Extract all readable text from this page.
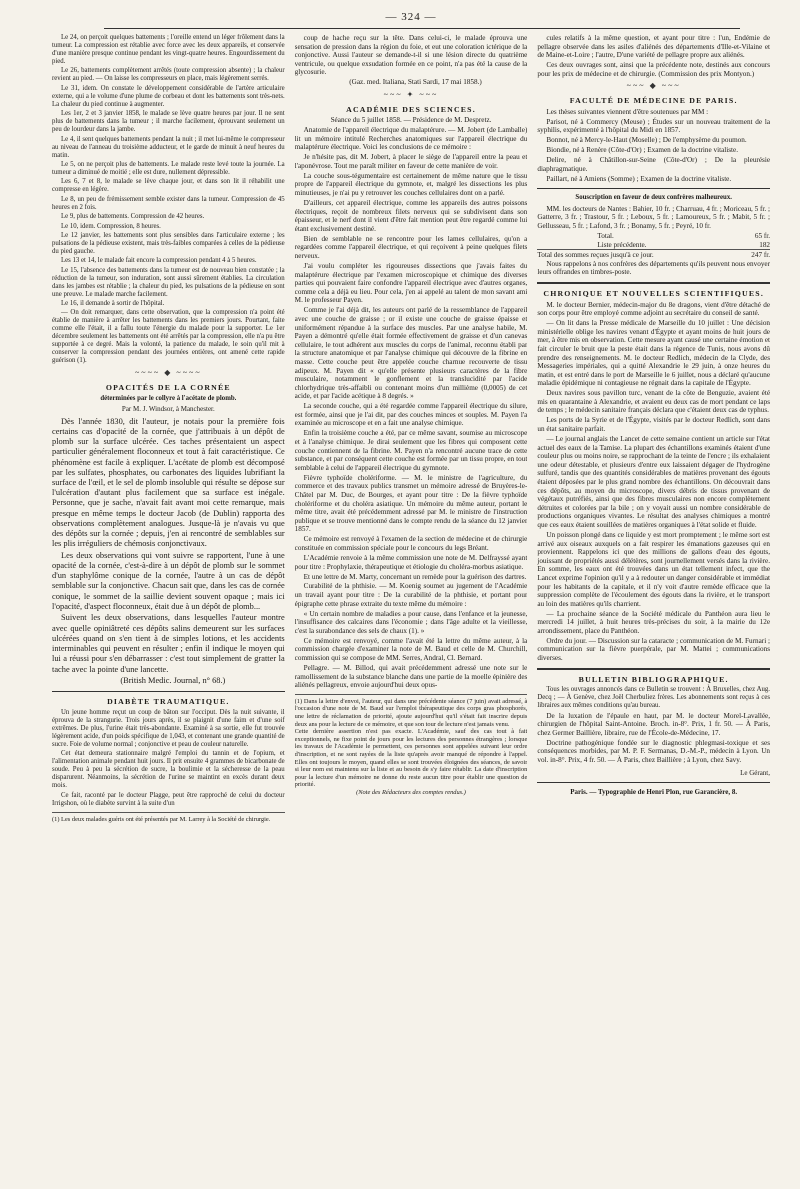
— 324 —

Le 24, on perçoit quelques battements ; l'oreille entend un léger frôlement dans la tumeur. La compression est rétablie avec force avec les deux appareils, et conservée d'une manière presque continue pendant les vingt-quatre heures. Engourdissement du pied.

Le 26, battements complètement arrêtés (toute compression absente) ; la chaleur revient au pied. — On laisse les compresseurs en place, mais légèrement serrés.

Le 31, idem. On constate le développement considérable de l'artère articulaire externe, qui a le volume d'une plume de corbeau et dont les battements sont très-nets. La chaleur du pied continue à augmenter.

Les 1er, 2 et 3 janvier 1858, le malade se lève quatre heures par jour. Il ne sent plus de battements dans la tumeur ; il marche facilement, éprouvant seulement un peu de lourdeur dans la jambe.

Le 4, il sent quelques battements pendant la nuit ; il met lui-même le compresseur au niveau de l'anneau du troisième adducteur, et le garde de minuit à neuf heures du matin.

Le 5, on ne perçoit plus de battements. Le malade reste levé toute la journée. La tumeur a diminué de moitié ; elle est dure, nullement dépressible.

Les 6, 7 et 8, le malade se lève chaque jour, et dans son lit il réhabilit une compresse en légère.

Le 8, un peu de frémissement semble exister dans la tumeur. Compression de 45 heures en 2 fois.

Le 9, plus de battements. Compression de 42 heures.

Le 10, idem. Compression, 8 heures.

Le 12 janvier, les battements sont plus sensibles dans l'articulaire externe ; les pulsations de la pédieuse existent, mais très-faibles comparées à celles de la pédieuse du pied gauche.

Les 13 et 14, le malade fait encore la compression pendant 4 à 5 heures.

Le 15, l'absence des battements dans la tumeur est de nouveau bien constatée ; la réduction de la tumeur, son induration, sont aussi sûrement établies. La circulation dans les jambes est rétablie ; la chaleur du pied, les pulsations de la pédieuse en sont une preuve. Le malade marche facilement.

Le 16, il demande à sortir de l'hôpital.

— On doit remarquer, dans cette observation, que la compression n'a point été établie de manière à arrêter les battements dans les premiers jours. Pourtant, faite comme elle l'était, il a fallu toute l'énergie du malade pour la supporter. Le 1er décembre seulement les battements ont été arrêtés par la compression, elle n'a pu être supportée à ce degré. Mais la volonté, la patience du malade, le soin qu'il mit à conserver la compression pendant des journées entières, ont amené cette rapide guérison (1).

~~~~ ◆ ~~~~
OPACITÉS DE LA CORNÉE
déterminées par le collyre à l'acétate de plomb.
Par M. J. Windsor, à Manchester.

Dès l'année 1830, dit l'auteur, je notais pour la première fois certains cas d'opacité de la cornée, que j'attribuais à un dépôt de plomb sur la surface ulcérée. Ces taches présentaient un aspect particulier généralement floconneux et tout à fait caractéristique. Ce phénomène est facile à expliquer. L'acétate de plomb est décomposé par les sulfates, phosphates, ou carbonates des liquides lubrifiant la surface de l'œil, et le sel de plomb insoluble qui résulte se dépose sur l'ulcération d'autant plus facilement que sa surface est inégale. Personne, que je sache, n'avait fait avant moi cette remarque, mais presque en même temps le docteur Jacob (de Dublin) rapporta des observations complètement analogues. Jusque-là je n'avais vu que des dépôts sur la cornée ; depuis, j'en ai rencontré de semblables sur les plis irréguliers de chémosis conjonctivaux.

Les deux observations qui vont suivre se rapportent, l'une à une opacité de la cornée, c'est-à-dire à un dépôt de plomb sur le sommet d'un staphylôme conique de la cornée, l'autre à un cas de dépôt semblable sur la conjonctive. Chacun sait que, dans les cas de cornée conique, le sommet de la saillie devient souvent opaque ; mais ici l'opacité, d'aspect floconneux, était due à un dépôt de plomb...

Suivent les deux observations, dans lesquelles l'auteur montre avec quelle opiniâtreté ces dépôts salins demeurent sur les surfaces ulcérées quand on s'en tient à de simples lotions, et les accidents interminables qui peuvent en résulter ; enfin il indique le moyen qui lui a réussi pour s'en débarrasser : c'est tout simplement de gratter la tache avec la pointe d'une lancette.

(British Medic. Journal, n° 68.)

DIABÈTE TRAUMATIQUE.

Un jeune homme reçut un coup de bâton sur l'occiput. Dès la nuit suivante, il éprouva de la strangurie. Trois jours après, il se plaignit d'une faim et d'une soif extrêmes. De plus, l'urine était très-abondante. Examiné à sa sortie, elle fut trouvée légèrement acide, d'un poids spécifique de 1,043, et contenant une grande quantité de sucre. Foie de volume normal ; conjonctive et peau de couleur naturelle.

Cet état demeura stationnaire malgré l'emploi du tannin et de l'opium, et l'alimentation animale pendant huit jours. Il prit ensuite 4 grammes de bicarbonate de soude. Peu à peu la sécrétion de sucre, la boulimie et la sécheresse de la peau disparurent. Néanmoins, la sécrétion de l'urine se maintint en excès durant deux mois.

Ce fait, raconté par le docteur Plagge, peut être rapproché de celui du docteur Irrigshon, où le diabète survint à la suite d'un

(1) Les deux malades guéris ont été présentés par M. Larrey à la Société de chirurgie.

coup de hache reçu sur la tête. Dans celui-ci, le malade éprouva une sensation de pression dans la région du foie, et eut une coloration ictérique de la conjonctive. Aussi l'auteur se demande-t-il si une lésion directe du quatrième ventricule, ou quelque exsudation formée en ce point, n'a pas été la cause de la glycosurie.

(Gaz. med. Italiana, Stati Sardi, 17 mai 1858.)

~~~ ✦ ~~~
ACADÉMIE DES SCIENCES.

Séance du 5 juillet 1858. — Présidence de M. Despretz.

Anatomie de l'appareil électrique du malaptérure. — M. Jobert (de Lamballe) lit un mémoire intitulé Recherches anatomiques sur l'appareil électrique du malaptérure électrique. Voici les conclusions de ce mémoire :

Je n'hésite pas, dit M. Jobert, à placer le siège de l'appareil entre la peau et l'aponévrose. Tout me paraît militer en faveur de cette manière de voir.

La couche sous-tégumentaire est certainement de même nature que le tissu propre de l'appareil électrique du gymnote, et, malgré les dissections les plus minutieuses, je n'ai pu y retrouver les couches cellulaires dont on a parlé.

D'ailleurs, cet appareil électrique, comme les appareils des autres poissons électriques, reçoit de nombreux filets nerveux qui se subdivisent dans son épaisseur, et le nerf dont il vient d'être fait mention peut être regardé comme lui étant exclusivement destiné.

Bien de semblable ne se rencontre pour les lames cellulaires, qu'on a regardées comme l'appareil électrique, et qui reçoivent à peine quelques filets nerveux.

J'ai voulu compléter les rigoureuses dissections que j'avais faites du malaptérure électrique par l'examen microscopique et chimique des diverses parties qui pouvaient faire confondre l'appareil électrique avec d'autres organes, comme cela a déjà eu lieu. Pour cela, j'en ai appelé au talent de mon savant ami M. le professeur Payen.

Comme je l'ai déjà dit, les auteurs ont parlé de la ressemblance de l'appareil avec une couche de graisse ; or il existe une couche de graisse épaisse et uniformément répandue à la surface des muscles. Par une analyse habile, M. Payen a démontré qu'elle était formée effectivement de graisse et d'un canevas cellulaire, le tout adhérent aux muscles du corps de l'animal, reconnu établi par la structure anatomique et par l'analyse chimique qui découvre de la fibrine en masse. Cette couche peut être appelée couche charnue recouverte de tissu adipeux. M. Payen dit « qu'elle présente plusieurs caractères de la fibre musculaire, notamment le gonflement et la translucidité par l'acide chlorhydrique très-affaibli ou contenant moins d'un millième (0,0005) de cet acide, et par l'acide acétique à 8 degrés. »

La seconde couche, qui a été regardée comme l'appareil électrique du silure, est formée, ainsi que je l'ai dit, par des couches minces et souples. M. Payen l'a examinée au microscope et en a fait une analyse chimique.

Enfin la troisième couche a été, par ce même savant, soumise au microscope et à l'analyse chimique. Je dirai seulement que les fibres qui composent cette couche contiennent de la fibrine. M. Payen n'a rencontré aucune trace de cette substance, et par conséquent cette couche est formée par un tissu propre, en tout semblable à celui de l'appareil électrique du gymnote.

Fièvre typhoïde cholériforme. — M. le ministre de l'agriculture, du commerce et des travaux publics transmet un mémoire adressé de Bruyères-le-Châtel par M. Duc, de Bourges, et ayant pour titre : De la fièvre typhoïde cholériforme et du choléra asiatique. Un mémoire du même auteur, portant le même titre, avait été précédemment adressé par M. le ministre de l'instruction publique et se trouve mentionné dans le compte rendu de la séance du 12 janvier 1857.

Ce mémoire est renvoyé à l'examen de la section de médecine et de chirurgie constituée en commission spéciale pour le concours du legs Bréant.

L'Académie renvoie à la même commission une note de M. Delfrayssé ayant pour titre : Prophylaxie, thérapeutique et étiologie du choléra-morbus asiatique.

Et une lettre de M. Marty, concernant un remède pour la guérison des dartres.

Curabilité de la phthisie. — M. Koenig soumet au jugement de l'Académie un travail ayant pour titre : De la curabilité de la phthisie, et portant pour épigraphe cette phrase extraite du texte même du mémoire :

« Un certain nombre de maladies a pour cause, dans l'enfance et la jeunesse, l'insuffisance des calcaires dans l'économie ; dans l'âge adulte et la vieillesse, c'est la surabondance des sels de chaux (1). »

Ce mémoire est renvoyé, comme l'avait été la lettre du même auteur, à la commission chargée d'examiner la note de M. Baud et celle de M. Churchill, commission qui se compose de MM. Serres, Andral, Cl. Bernard.

Pellagre. — M. Billod, qui avait précédemment adressé une note sur le ramollissement de la substance blanche dans une partie de la moelle épinière des aliénés pellagreux, envoie aujourd'hui deux opus-

(1) Dans la lettre d'envoi, l'auteur, qui dans une précédente séance (7 juin) avait adressé, à l'occasion d'une note de M. Baud sur l'emploi thérapeutique des corps gras phosphorés, une lettre de réclamation de priorité, ajoute aujourd'hui qu'il s'était fait inscrire depuis deux ans pour la lecture de ce mémoire, et que son tour de lecture n'est jamais venu.
Cette dernière assertion n'est pas exacte. L'Académie, sauf des cas tout à fait exceptionnels, ne fixe point de jours pour les lectures des personnes étrangères ; lorsque les travaux de l'Académie le permettent, ces personnes sont appelées suivant leur ordre d'inscription, et ne sont rayées de la liste qu'après avoir manqué de répondre à l'appel. Elles ont toujours le moyen, quand elles se sont trouvées éloignées des séances, de savoir si leur nom est maintenu sur la liste et au besoin de s'y faire rétablir. La date d'inscription pour la lecture d'un mémoire ne donne du reste aucun titre pour établir une question de priorité.
(Note des Rédacteurs des comptes rendus.)

cules relatifs à la même question, et ayant pour titre : l'un, Endémie de pellagre observée dans les asiles d'aliénés des départements d'Ille-et-Vilaine et de Maine-et-Loire ; l'autre, D'une variété de pellagre propre aux aliénés.

Ces deux ouvrages sont, ainsi que la précédente note, destinés aux concours pour les prix de médecine et de chirurgie. (Commission des prix Montyon.)

~~~ ◆ ~~~
FACULTÉ DE MÉDECINE DE PARIS.

Les thèses suivantes viennent d'être soutenues par MM :

Parisot, né à Commercy (Meuse) ; Études sur un nouveau traitement de la syphilis, expérimenté à l'hôpital du Midi en 1857.

Bonnot, né à Mercy-le-Haut (Moselle) ; De l'emphysème du poumon.

Biondie, né à Renère (Côte-d'Or) ; Examen de la doctrine vitaliste.

Delire, né à Châtillon-sur-Seine (Côte-d'Or) ; De la pleurésie diaphragmatique.

Paillart, né à Amiens (Somme) ; Examen de la doctrine vitaliste.

Souscription en faveur de deux confrères malheureux.

MM. les docteurs de Nantes : Bahier, 10 fr. ; Charruau, 4 fr. ; Moriceau, 5 fr. ; Gatterre, 3 fr. ; Trastour, 5 fr. ; Leboux, 5 fr. ; Lamoureux, 5 fr. ; Mabit, 5 fr. ; Gellusseau, 5 fr. ; Lafond, 3 fr. ; Bonamy, 5 fr. ; Peyré, 10 fr.

Total.	65 fr.
Liste précédente.	182
Total des sommes reçues jusqu'à ce jour.	247 fr.

Nous rappelons à nos confrères des départements qu'ils peuvent nous envoyer leurs offrandes en timbres-poste.

CHRONIQUE ET NOUVELLES SCIENTIFIQUES.

M. le docteur Bernier, médecin-major du 8e dragons, vient d'être détaché de son corps pour être employé comme adjoint au secrétaire du conseil de santé.

— On lit dans la Presse médicale de Marseille du 10 juillet : Une décision ministérielle oblige les navires venant d'Égypte et ayant moins de huit jours de mer, à être mis en observation. Cette mesure ayant causé une certaine émotion et fait circuler le bruit que la peste était dans la régence de Tunis, nous avons dû prendre des renseignements. M. le docteur Redlich, médecin de la Clyde, des Messageries impériales, qui a quitté Alexandrie le 29 juin, à onze heures du matin, et est entré dans le port de Marseille le 6 juillet, nous a déclaré qu'aucune maladie épidémique ni contagieuse ne régnait dans la capitale de l'Égypte.

Deux navires sous pavillon turc, venant de la côte de Benguzie, avaient été mis en quarantaine à Alexandrie, et avaient eu deux cas de mort pendant ce laps de temps ; le médecin sanitaire français déclara que c'étaient deux cas de typhus.

Les ports de la Syrie et de l'Égypte, visités par le docteur Redlich, sont dans un état sanitaire parfait.

— Le journal anglais the Lancet de cette semaine contient un article sur l'état actuel des eaux de la Tamise. La plupart des échantillons examinés étaient d'une couleur plus ou moins noire, se rapprochant de la teinte de l'encre ; ils exhalaient une odeur détestable, et plusieurs d'entre eux laissaient dégager de l'hydrogène sulfuré, tandis que des quantités considérables de matières provenant des égouts étaient déposées par le plus grand nombre des échantillons. On découvrait dans ces dépôts, au moyen du microscope, divers débris de tissus provenant de végétaux putréfiés, ainsi que des fibres musculaires non encore complètement détruites et colorées par la bile ; on y voyait aussi un nombre considérable de productions organiques vivantes. Le résultat des analyses chimiques a montré que ces eaux étaient souillées de matières organiques à l'état solide et fluide.

Un poisson plongé dans ce liquide y est mort promptement ; le même sort est arrivé aux oiseaux auxquels on a fait respirer les émanations gazeuses qui en proviennent. Rappelons ici que des millions de gallons d'eau des égouts, jouissant de propriétés aussi délétères, sont journellement versés dans la rivière. En somme, les eaux ont été trouvées dans un état tellement infect, que the Lancet exprime l'opinion qu'il y a à redouter un danger considérable et immédiat pour les habitants de la capitale, et il n'y voit d'autre remède efficace que la suppression complète de l'écoulement des égouts dans la rivière, et le transport au loin des matières qu'ils charrient.

— La prochaine séance de la Société médicale du Panthéon aura lieu le mercredi 14 juillet, à huit heures très-précises du soir, à la mairie du 12e arrondissement, place du Panthéon.

Ordre du jour. — Discussion sur la cataracte ; communication de M. Furnari ; communication sur la fièvre puerpérale, par M. Mattei ; communications diverses.

BULLETIN BIBLIOGRAPHIQUE.

Tous les ouvrages annoncés dans ce Bulletin se trouvent : À Bruxelles, chez Aug. Decq ; — À Genève, chez Joël Cherbuliez frères. Les abonnements sont reçus à ces libraires aux mêmes conditions qu'au bureau.

De la luxation de l'épaule en haut, par M. le docteur Morel-Lavallée, chirurgien de l'hôpital Saint-Antoine. Broch. in-8°. Prix, 1 fr. 50. — À Paris, chez Germer Baillière, libraire, rue de l'École-de-Médecine, 17.

Doctrine pathogénique fondée sur le diagnostic phlegmasi-toxique et ses conséquences morbides, par M. P. F. Sermanas, D.-M.-P., médecin à Lyon. Un vol. in-8°. Prix, 4 fr. 50. — À Paris, chez Baillière ; à Lyon, chez Savy.

Le Gérant,
Paris. — Typographie de Henri Plon, rue Garancière, 8.
